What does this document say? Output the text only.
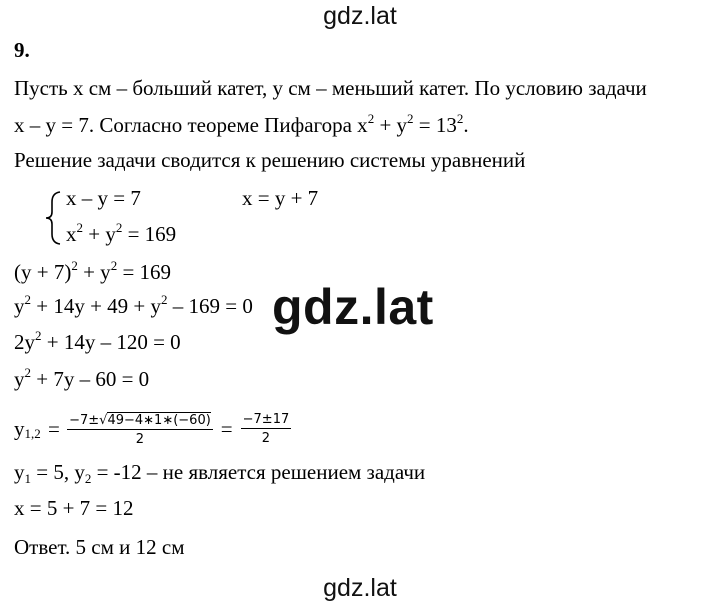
gdz.lat
9.
Пусть x см – больший катет, y см – меньший катет. По условию задачи
x – y = 7. Согласно теореме Пифагора $x^2 + y^2 = 13^2$.
Решение задачи сводится к решению системы уравнений
x – y = 7	x = y + 7
$x^2 + y^2 = 169$
$(y + 7)^2 + y^2 = 169$
$y^2 + 14y + 49 + y^2 - 169 = 0$
$2y^2 + 14y - 120 = 0$
$y^2 + 7y - 60 = 0$
$y_{1,2} = \frac{-7\pm√49-4∗1∗(-60)}{2} = \frac{-7\pm 17}{2}$
$y_1 = 5$, $y_2 = -12$ – не является решением задачи
x = 5 + 7 = 12
Ответ. 5 см и 12 см
gdz.lat
gdz.lat
